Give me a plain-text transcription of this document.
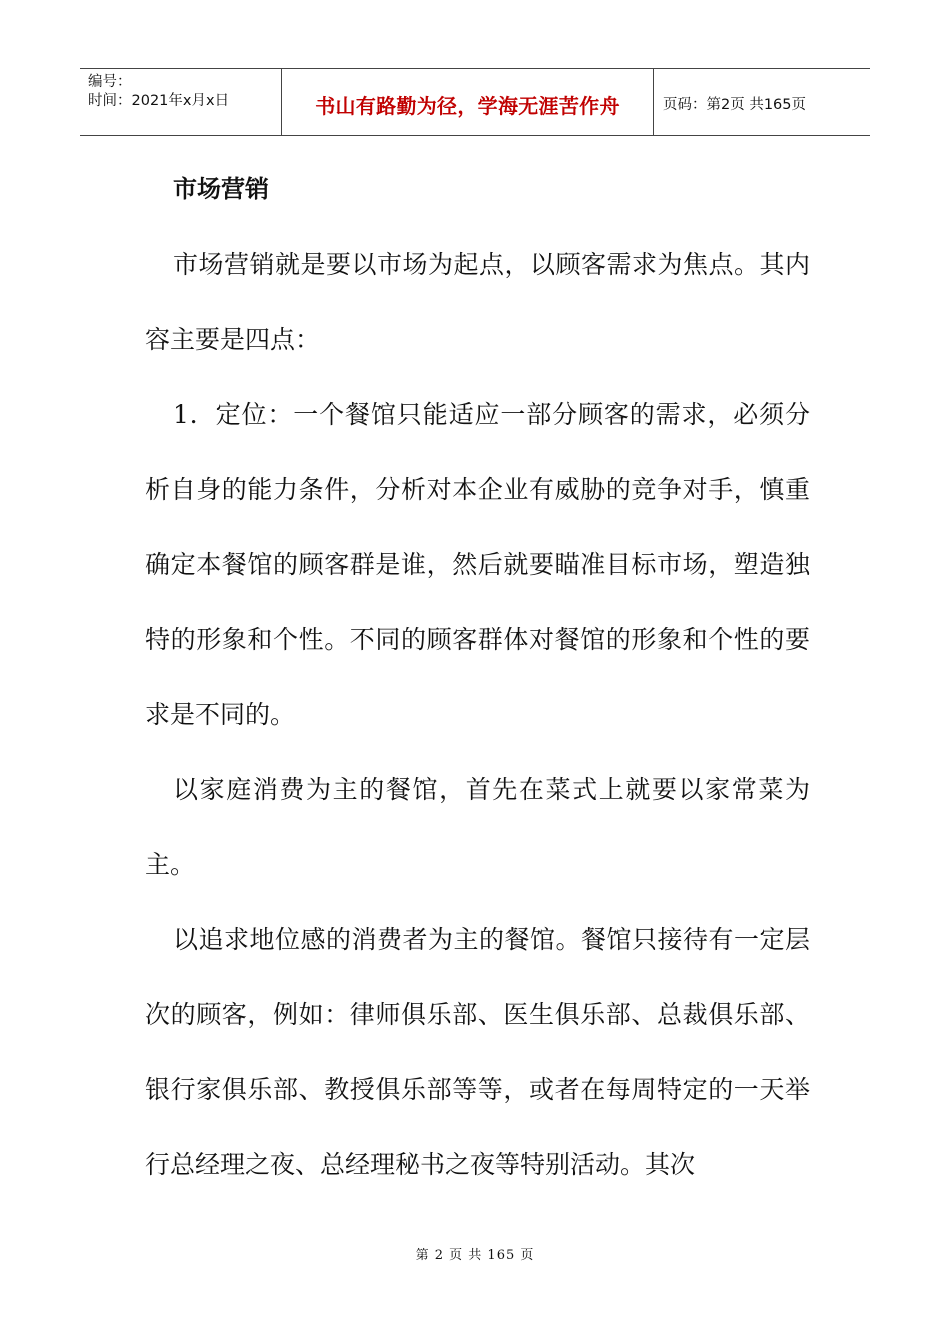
编号：
时间：2021年x月x日	书山有路勤为径，学海无涯苦作舟	页码：第2页 共165页

市场营销

市场营销就是要以市场为起点，以顾客需求为焦点。其内容主要是四点：

1．定位：一个餐馆只能适应一部分顾客的需求，必须分析自身的能力条件，分析对本企业有威胁的竞争对手，慎重确定本餐馆的顾客群是谁，然后就要瞄准目标市场，塑造独特的形象和个性。不同的顾客群体对餐馆的形象和个性的要求是不同的。

以家庭消费为主的餐馆，首先在菜式上就要以家常菜为主。

以追求地位感的消费者为主的餐馆。餐馆只接待有一定层次的顾客，例如：律师俱乐部、医生俱乐部、总裁俱乐部、银行家俱乐部、教授俱乐部等等，或者在每周特定的一天举行总经理之夜、总经理秘书之夜等特别活动。其次

第 2 页 共 165 页
